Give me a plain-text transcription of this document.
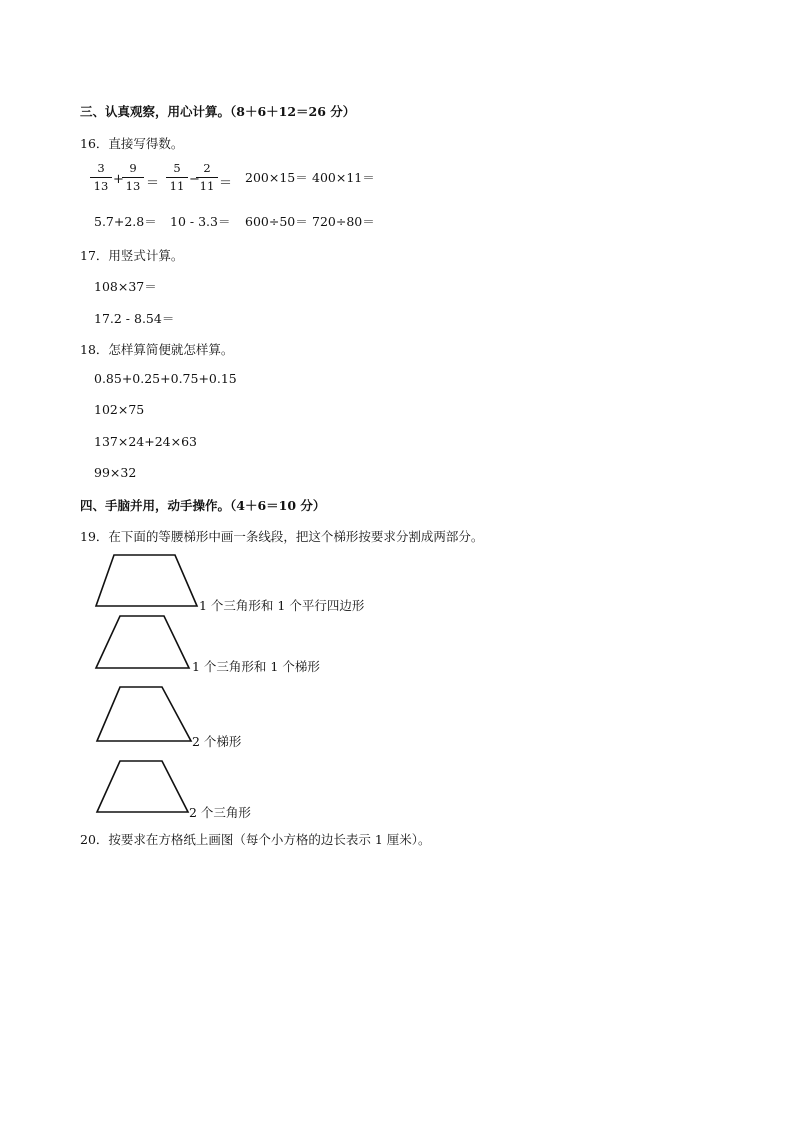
三、认真观察，用心计算。（8＋6＋12＝26 分）
16．直接写得数。
3
13 +
9
13 ＝
5
11 −
2
11 ＝ 200×15＝ 400×11＝
5.7+2.8＝ 10 - 3.3＝ 600÷50＝ 720÷80＝
17．用竖式计算。
108×37＝
17.2 - 8.54＝
18．怎样算简便就怎样算。
0.85+0.25+0.75+0.15
102×75
137×24+24×63
99×32
四、手脑并用，动手操作。（4＋6＝10 分）
19．在下面的等腰梯形中画一条线段，把这个梯形按要求分割成两部分。
1 个三角形和 1 个平行四边形
1 个三角形和 1 个梯形
2 个梯形
2 个三角形
20．按要求在方格纸上画图（每个小方格的边长表示 1 厘米）。
